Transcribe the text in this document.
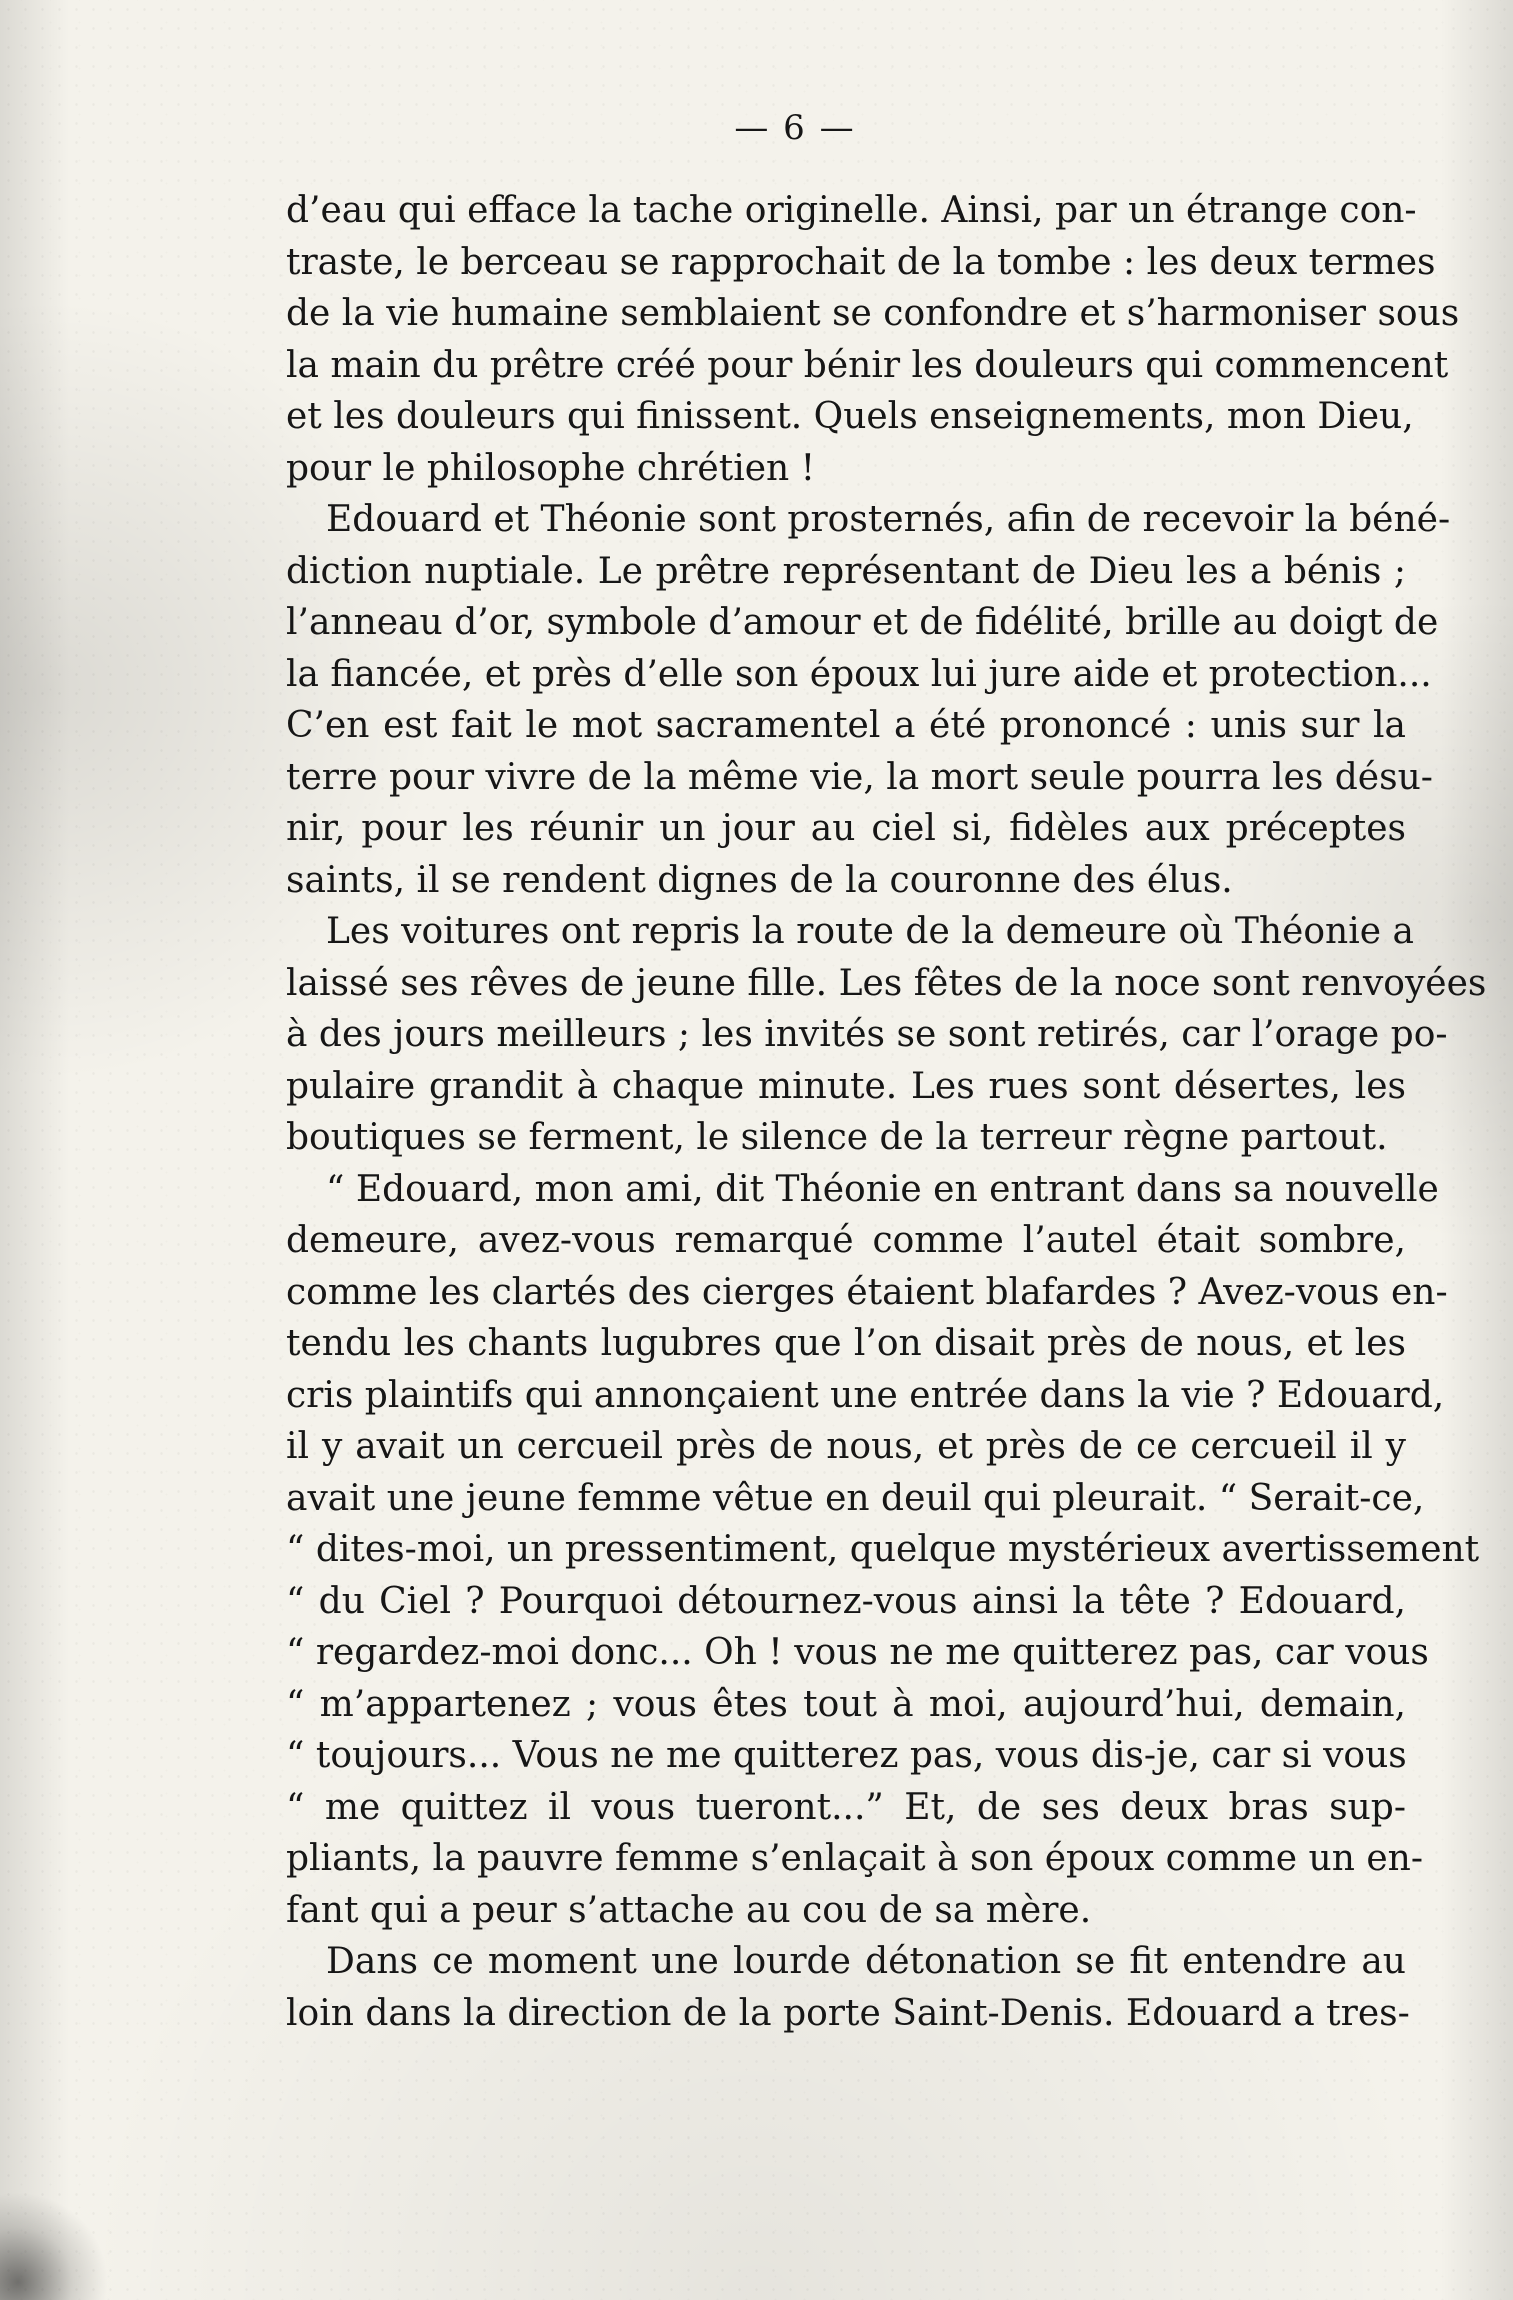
— 6 —
d’eau qui efface la tache originelle. Ainsi, par un étrange con-
traste, le berceau se rapprochait de la tombe : les deux termes
de la vie humaine semblaient se confondre et s’harmoniser sous
la main du prêtre créé pour bénir les douleurs qui commencent
et les douleurs qui finissent. Quels enseignements, mon Dieu,
pour le philosophe chrétien !
Edouard et Théonie sont prosternés, afin de recevoir la béné-
diction nuptiale. Le prêtre représentant de Dieu les a bénis ;
l’anneau d’or, symbole d’amour et de fidélité, brille au doigt de
la fiancée, et près d’elle son époux lui jure aide et protection...
C’en est fait le mot sacramentel a été prononcé : unis sur la
terre pour vivre de la même vie, la mort seule pourra les désu-
nir, pour les réunir un jour au ciel si, fidèles aux préceptes
saints, il se rendent dignes de la couronne des élus.
Les voitures ont repris la route de la demeure où Théonie a
laissé ses rêves de jeune fille. Les fêtes de la noce sont renvoyées
à des jours meilleurs ; les invités se sont retirés, car l’orage po-
pulaire grandit à chaque minute. Les rues sont désertes, les
boutiques se ferment, le silence de la terreur règne partout.
“ Edouard, mon ami, dit Théonie en entrant dans sa nouvelle
demeure, avez-vous remarqué comme l’autel était sombre,
comme les clartés des cierges étaient blafardes ? Avez-vous en-
tendu les chants lugubres que l’on disait près de nous, et les
cris plaintifs qui annonçaient une entrée dans la vie ? Edouard,
il y avait un cercueil près de nous, et près de ce cercueil il y
avait une jeune femme vêtue en deuil qui pleurait. “ Serait-ce,
“ dites-moi, un pressentiment, quelque mystérieux avertissement
“ du Ciel ? Pourquoi détournez-vous ainsi la tête ? Edouard,
“ regardez-moi donc... Oh ! vous ne me quitterez pas, car vous
“ m’appartenez ; vous êtes tout à moi, aujourd’hui, demain,
“ toujours... Vous ne me quitterez pas, vous dis-je, car si vous
“ me quittez il vous tueront...” Et, de ses deux bras sup-
pliants, la pauvre femme s’enlaçait à son époux comme un en-
fant qui a peur s’attache au cou de sa mère.
Dans ce moment une lourde détonation se fit entendre au
loin dans la direction de la porte Saint-Denis. Edouard a tres-
